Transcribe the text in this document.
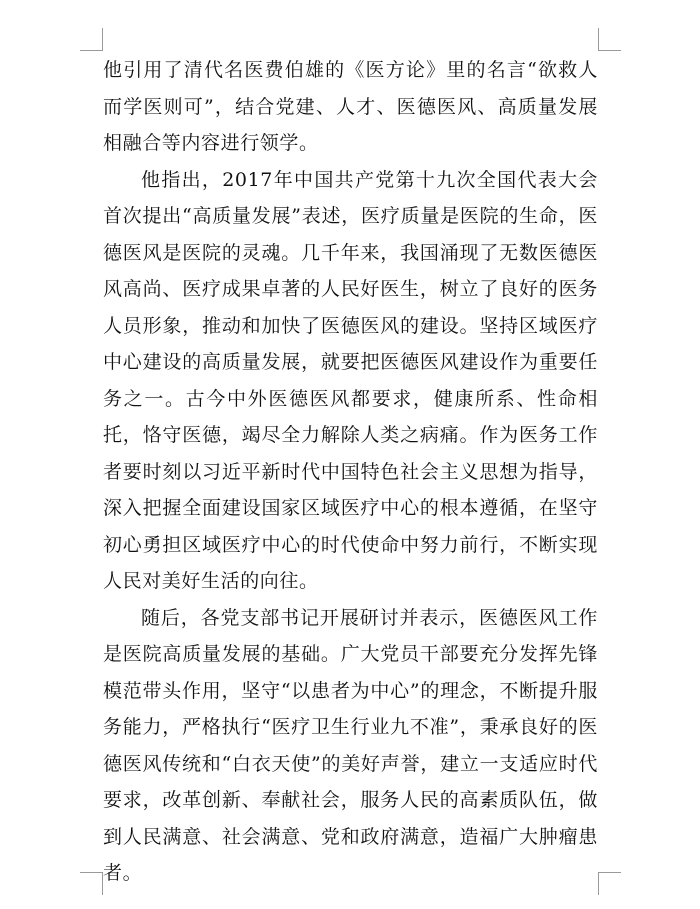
他引用了清代名医费伯雄的《医方论》里的名言“欲救人而学医则可”，结合党建、人才、医德医风、高质量发展相融合等内容进行领学。

他指出，2017年中国共产党第十九次全国代表大会首次提出“高质量发展”表述，医疗质量是医院的生命，医德医风是医院的灵魂。几千年来，我国涌现了无数医德医风高尚、医疗成果卓著的人民好医生，树立了良好的医务人员形象，推动和加快了医德医风的建设。坚持区域医疗中心建设的高质量发展，就要把医德医风建设作为重要任务之一。古今中外医德医风都要求，健康所系、性命相托，恪守医德，竭尽全力解除人类之病痛。作为医务工作者要时刻以习近平新时代中国特色社会主义思想为指导，深入把握全面建设国家区域医疗中心的根本遵循，在坚守初心勇担区域医疗中心的时代使命中努力前行，不断实现人民对美好生活的向往。

随后，各党支部书记开展研讨并表示，医德医风工作是医院高质量发展的基础。广大党员干部要充分发挥先锋模范带头作用，坚守“以患者为中心”的理念，不断提升服务能力，严格执行“医疗卫生行业九不准”，秉承良好的医德医风传统和“白衣天使”的美好声誉，建立一支适应时代要求，改革创新、奉献社会，服务人民的高素质队伍，做到人民满意、社会满意、党和政府满意，造福广大肿瘤患者。
